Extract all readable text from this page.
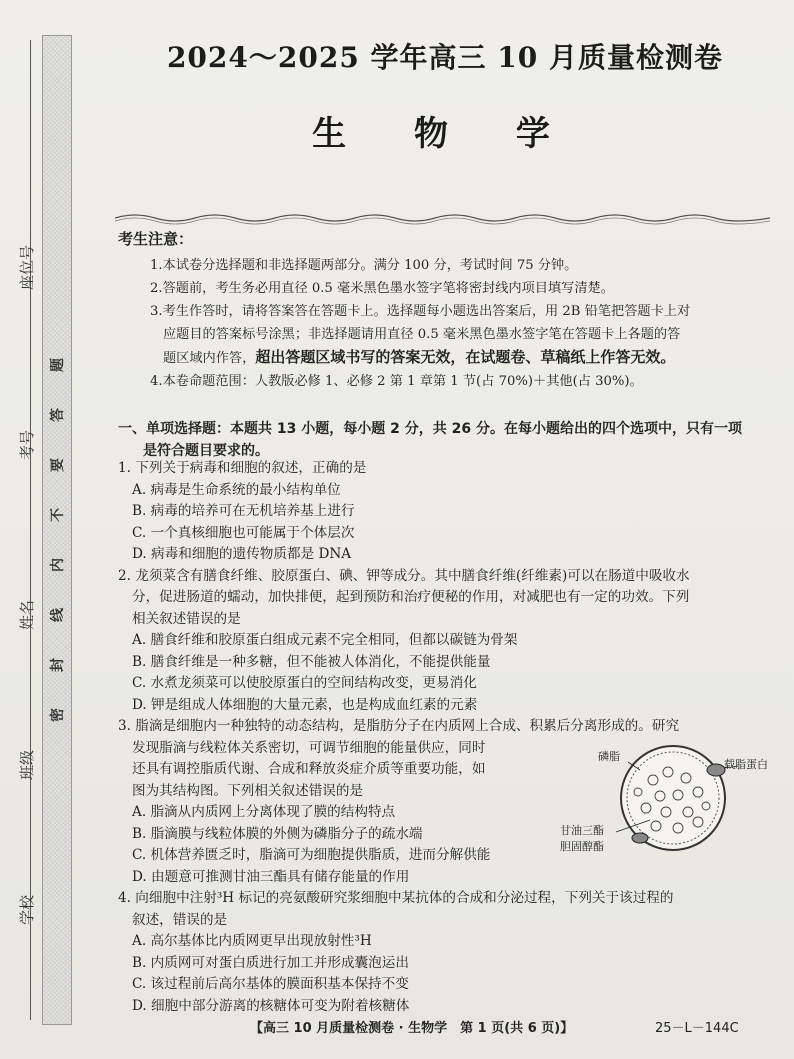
座位号
考号
姓名
班级
学校
题
答
要
不
内
线
封
密
2024～2025 学年高三 10 月质量检测卷
生 物 学
考生注意：
1.本试卷分选择题和非选择题两部分。满分 100 分，考试时间 75 分钟。
2.答题前，考生务必用直径 0.5 毫米黑色墨水签字笔将密封线内项目填写清楚。
3.考生作答时，请将答案答在答题卡上。选择题每小题选出答案后，用 2B 铅笔把答题卡上对
应题目的答案标号涂黑；非选择题请用直径 0.5 毫米黑色墨水签字笔在答题卡上各题的答
题区域内作答，超出答题区域书写的答案无效，在试题卷、草稿纸上作答无效。
4.本卷命题范围：人教版必修 1、必修 2 第 1 章第 1 节(占 70%)＋其他(占 30%)。
一、单项选择题：本题共 13 小题，每小题 2 分，共 26 分。在每小题给出的四个选项中，只有一项
是符合题目要求的。
1. 下列关于病毒和细胞的叙述，正确的是
A. 病毒是生命系统的最小结构单位
B. 病毒的培养可在无机培养基上进行
C. 一个真核细胞也可能属于个体层次
D. 病毒和细胞的遗传物质都是 DNA
2. 龙须菜含有膳食纤维、胶原蛋白、碘、钾等成分。其中膳食纤维(纤维素)可以在肠道中吸收水
分，促进肠道的蠕动，加快排便，起到预防和治疗便秘的作用，对减肥也有一定的功效。下列
相关叙述错误的是
A. 膳食纤维和胶原蛋白组成元素不完全相同，但都以碳链为骨架
B. 膳食纤维是一种多糖，但不能被人体消化，不能提供能量
C. 水煮龙须菜可以使胶原蛋白的空间结构改变，更易消化
D. 钾是组成人体细胞的大量元素，也是构成血红素的元素
3. 脂滴是细胞内一种独特的动态结构，是脂肪分子在内质网上合成、积累后分离形成的。研究
发现脂滴与线粒体关系密切，可调节细胞的能量供应，同时
还具有调控脂质代谢、合成和释放炎症介质等重要功能，如
图为其结构图。下列相关叙述错误的是
A. 脂滴从内质网上分离体现了膜的结构特点
B. 脂滴膜与线粒体膜的外侧为磷脂分子的疏水端
C. 机体营养匮乏时，脂滴可为细胞提供脂质，进而分解供能
D. 由题意可推测甘油三酯具有储存能量的作用
磷脂
载脂蛋白
甘油三酯
胆固醇酯
4. 向细胞中注射³H 标记的亮氨酸研究浆细胞中某抗体的合成和分泌过程，下列关于该过程的
叙述，错误的是
A. 高尔基体比内质网更早出现放射性³H
B. 内质网可对蛋白质进行加工并形成囊泡运出
C. 该过程前后高尔基体的膜面积基本保持不变
D. 细胞中部分游离的核糖体可变为附着核糖体
【高三 10 月质量检测卷 · 生物学　第 1 页(共 6 页)】	25－L－144C
